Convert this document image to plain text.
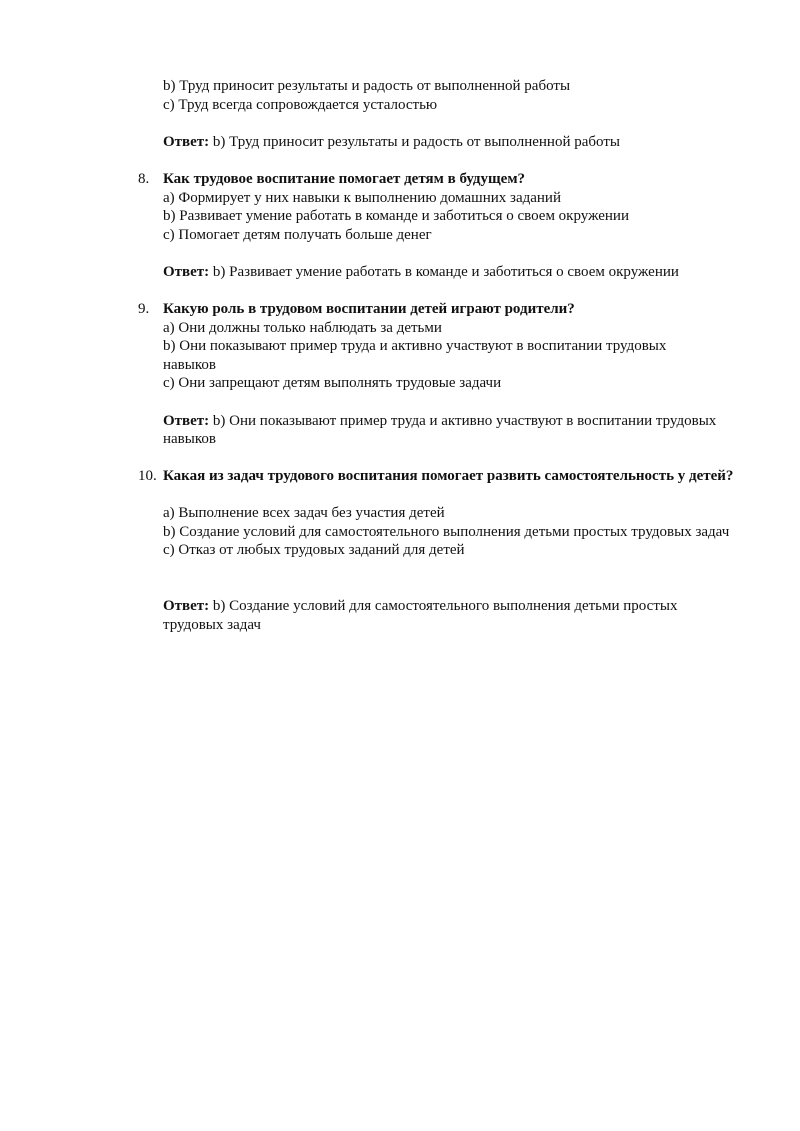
b) Труд приносит результаты и радость от выполненной работы
c) Труд всегда сопровождается усталостью
Ответ: b) Труд приносит результаты и радость от выполненной работы
8. Как трудовое воспитание помогает детям в будущем?
a) Формирует у них навыки к выполнению домашних заданий
b) Развивает умение работать в команде и заботиться о своем окружении
c) Помогает детям получать больше денег
Ответ: b) Развивает умение работать в команде и заботиться о своем окружении
9. Какую роль в трудовом воспитании детей играют родители?
a) Они должны только наблюдать за детьми
b) Они показывают пример труда и активно участвуют в воспитании трудовых навыков
c) Они запрещают детям выполнять трудовые задачи
Ответ: b) Они показывают пример труда и активно участвуют в воспитании трудовых навыков
10. Какая из задач трудового воспитания помогает развить самостоятельность у детей?
a) Выполнение всех задач без участия детей
b) Создание условий для самостоятельного выполнения детьми простых трудовых задач
c) Отказ от любых трудовых заданий для детей
Ответ: b) Создание условий для самостоятельного выполнения детьми простых трудовых задач
